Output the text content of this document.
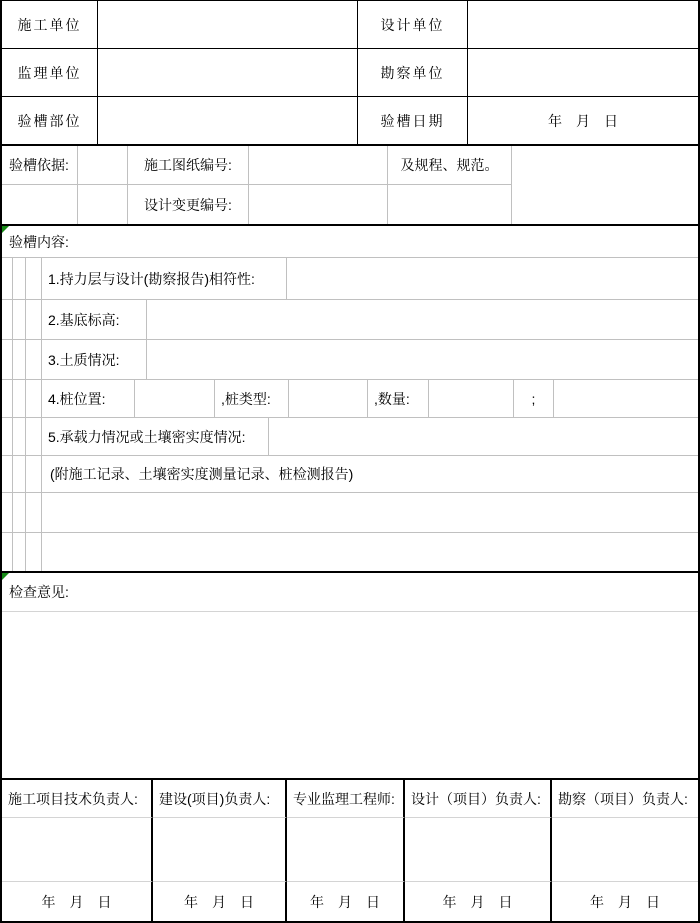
施工单位	设计单位
监理单位	勘察单位
验槽部位	验槽日期	年　月　日
验槽依据:	施工图纸编号:	及规程、规范。
设计变更编号:
验槽内容:
1.持力层与设计(勘察报告)相符性:
2.基底标高:
3.土质情况:
4.桩位置:	,桩类型:	,数量:	;
5.承载力情况或土壤密实度情况:
(附施工记录、土壤密实度测量记录、桩检测报告)
检查意见:
施工项目技术负责人:	建设(项目)负责人:	专业监理工程师:	设计（项目）负责人:	勘察（项目）负责人:
年　月　日	年　月　日	年　月　日	年　月　日	年　月　日
